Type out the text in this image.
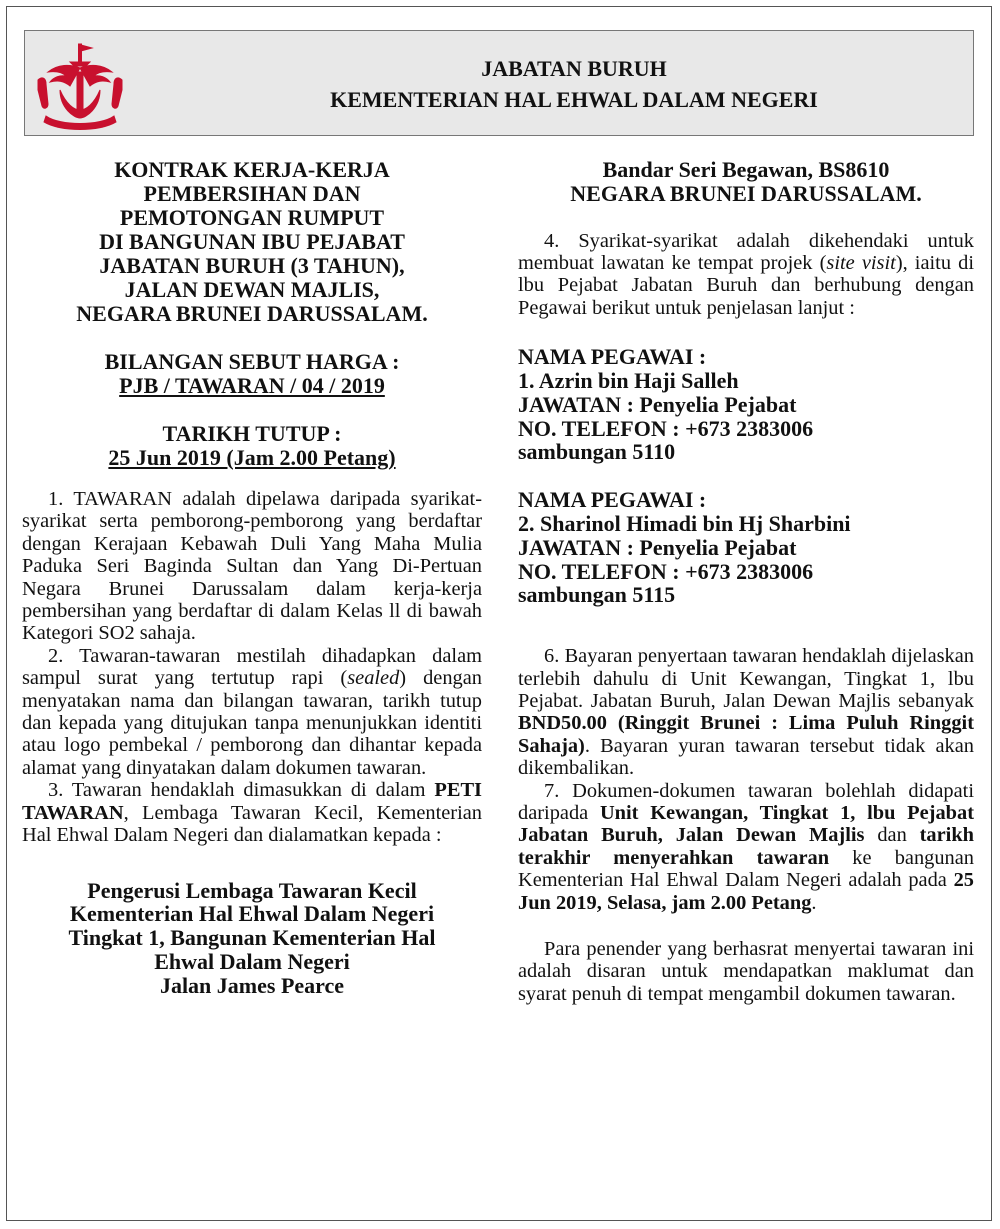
JABATAN BURUH
KEMENTERIAN HAL EHWAL DALAM NEGERI
KONTRAK KERJA-KERJA
PEMBERSIHAN DAN
PEMOTONGAN RUMPUT
DI BANGUNAN IBU PEJABAT
JABATAN BURUH (3 TAHUN),
JALAN DEWAN MAJLIS,
NEGARA BRUNEI DARUSSALAM.
BILANGAN SEBUT HARGA :
PJB / TAWARAN / 04 / 2019
TARIKH TUTUP :
25 Jun 2019 (Jam 2.00 Petang)

1. TAWARAN adalah dipelawa daripada syarikat-syarikat serta pemborong-pemborong yang berdaftar dengan Kerajaan Kebawah Duli Yang Maha Mulia Paduka Seri Baginda Sultan dan Yang Di-Pertuan Negara Brunei Darussalam dalam kerja-kerja pembersihan yang berdaftar di dalam Kelas ll di bawah Kategori SO2 sahaja.

2. Tawaran-tawaran mestilah dihadapkan dalam sampul surat yang tertutup rapi (sealed) dengan menyatakan nama dan bilangan tawaran, tarikh tutup dan kepada yang ditujukan tanpa menunjukkan identiti atau logo pembekal / pemborong dan dihantar kepada alamat yang dinyatakan dalam dokumen tawaran.

3. Tawaran hendaklah dimasukkan di dalam PETI TAWARAN, Lembaga Tawaran Kecil, Kementerian Hal Ehwal Dalam Negeri dan dialamatkan kepada :

Pengerusi Lembaga Tawaran Kecil
Kementerian Hal Ehwal Dalam Negeri
Tingkat 1, Bangunan Kementerian Hal
Ehwal Dalam Negeri
Jalan James Pearce
Bandar Seri Begawan, BS8610
NEGARA BRUNEI DARUSSALAM.

4. Syarikat-syarikat adalah dikehendaki untuk membuat lawatan ke tempat projek (site visit), iaitu di lbu Pejabat Jabatan Buruh dan berhubung dengan Pegawai berikut untuk penjelasan lanjut :

NAMA PEGAWAI :
1. Azrin bin Haji Salleh
JAWATAN : Penyelia Pejabat
NO. TELEFON : +673 2383006
sambungan 5110
NAMA PEGAWAI :
2. Sharinol Himadi bin Hj Sharbini
JAWATAN : Penyelia Pejabat
NO. TELEFON : +673 2383006
sambungan 5115

6. Bayaran penyertaan tawaran hendaklah dijelaskan terlebih dahulu di Unit Kewangan, Tingkat 1, lbu Pejabat. Jabatan Buruh, Jalan Dewan Majlis sebanyak BND50.00 (Ringgit Brunei : Lima Puluh Ringgit Sahaja). Bayaran yuran tawaran tersebut tidak akan dikembalikan.

7. Dokumen-dokumen tawaran bolehlah didapati daripada Unit Kewangan, Tingkat 1, lbu Pejabat Jabatan Buruh, Jalan Dewan Majlis dan tarikh terakhir menyerahkan tawaran ke bangunan Kementerian Hal Ehwal Dalam Negeri adalah pada 25 Jun 2019, Selasa, jam 2.00 Petang.

Para penender yang berhasrat menyertai tawaran ini adalah disaran untuk mendapatkan maklumat dan syarat penuh di tempat mengambil dokumen tawaran.
